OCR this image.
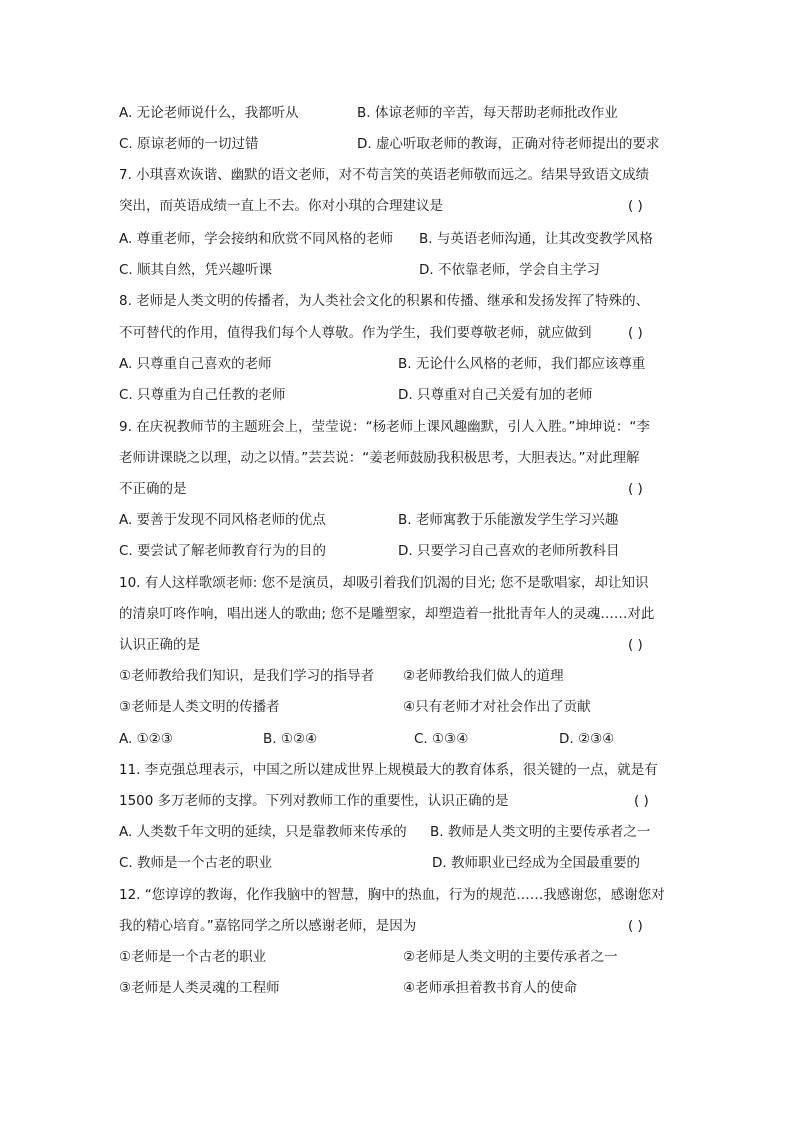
A. 无论老师说什么，我都听从	B. 体谅老师的辛苦，每天帮助老师批改作业
C. 原谅老师的一切过错	D. 虚心听取老师的教诲，正确对待老师提出的要求
7. 小琪喜欢诙谐、幽默的语文老师，对不苟言笑的英语老师敬而远之。结果导致语文成绩
突出，而英语成绩一直上不去。你对小琪的合理建议是	( )
A. 尊重老师，学会接纳和欣赏不同风格的老师 B. 与英语老师沟通，让其改变教学风格
C. 顺其自然，凭兴趣听课	D. 不依靠老师，学会自主学习
8. 老师是人类文明的传播者，为人类社会文化的积累和传播、继承和发扬发挥了特殊的、
不可替代的作用，值得我们每个人尊敬。作为学生，我们要尊敬老师，就应做到	( )
A. 只尊重自己喜欢的老师	B. 无论什么风格的老师，我们都应该尊重
C. 只尊重为自己任教的老师	D. 只尊重对自己关爱有加的老师
9. 在庆祝教师节的主题班会上，莹莹说：“杨老师上课风趣幽默，引人入胜。”坤坤说：“李
老师讲课晓之以理，动之以情。”芸芸说：“姜老师鼓励我积极思考，大胆表达。”对此理解
不正确的是	( )
A. 要善于发现不同风格老师的优点	B. 老师寓教于乐能激发学生学习兴趣
C. 要尝试了解老师教育行为的目的	D. 只要学习自己喜欢的老师所教科目
10. 有人这样歌颂老师: 您不是演员，却吸引着我们饥渴的目光; 您不是歌唱家，却让知识
的清泉叮咚作响，唱出迷人的歌曲; 您不是雕塑家，却塑造着一批批青年人的灵魂……对此
认识正确的是	( )
①老师教给我们知识，是我们学习的指导者 ②老师教给我们做人的道理
③老师是人类文明的传播者	④只有老师才对社会作出了贡献
A. ①②③	B. ①②④	C. ①③④	D. ②③④
11. 李克强总理表示，中国之所以建成世界上规模最大的教育体系，很关键的一点，就是有
1500 多万老师的支撑。下列对教师工作的重要性，认识正确的是	( )
A. 人类数千年文明的延续，只是靠教师来传承的 B. 教师是人类文明的主要传承者之一
C. 教师是一个古老的职业	D. 教师职业已经成为全国最重要的
12. “您谆谆的教诲，化作我脑中的智慧，胸中的热血，行为的规范……我感谢您，感谢您对
我的精心培育。”嘉铭同学之所以感谢老师，是因为	( )
①老师是一个古老的职业	②老师是人类文明的主要传承者之一
③老师是人类灵魂的工程师	④老师承担着教书育人的使命
